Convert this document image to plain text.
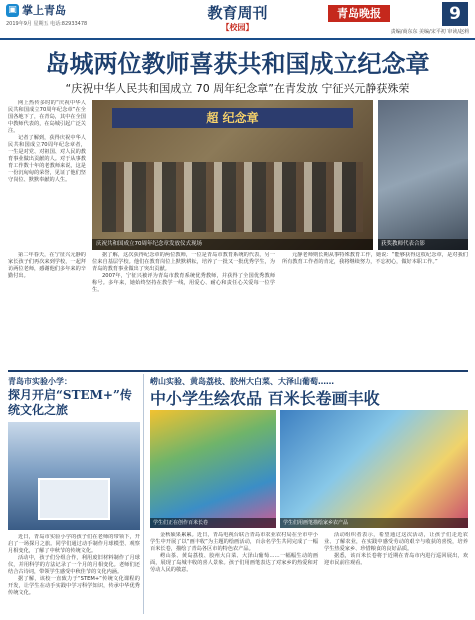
▣ 掌上青岛
2019年9月 星期五 电话:82933478
教育周刊
【校园】
青岛晚报	9
责编/商东东 美编/宋平初 审读/赵莉
岛城两位教师喜获共和国成立纪念章
“庆祝中华人民共和国成立 70 周年纪念章”在青发放 宁征兴元静获殊荣

网上热传多时的“庆祝中华人民共和国成立70周年纪念章”在全国各地下了，在青岛，其中在全国中教师代表的，在岛城引起广泛关注。

记者了解到，获得庆祝中华人民共和国成立70周年纪念章者，一生是对党、对祖国、对人民的教育事业做出贡献的人。对于从事教育工作数十年的老教师来说，这是一份沉甸甸的荣誉，见证了他们坚守岗位、默默奉献的人生。

超 纪念章
庆祝共和国成立70周年纪念章发放仪式现场	获奖教师代表合影

第二年春天，在宁征兴元静的家长孩子们再次来到学校，一起拜访两位老师，感谢他们多年来的辛勤付出。

据了解，这次获得纪念章的两位教师，一位是青岛市教育系统的代表，另一位来自基层学校。他们在教育岗位上默默耕耘，培养了一批又一批优秀学生，为青岛的教育事业做出了突出贡献。

2007年，宁征兴被评为青岛市教育系统优秀教师，并获得了全国优秀教师称号。多年来，她始终坚持在教学一线，用爱心、耐心和责任心关爱每一位学生。

元静老师则长期从事特殊教育工作，她说：“能够获得这枚纪念章，是对我们所有教育工作者的肯定，我将继续努力，不忘初心，做好本职工作。”

青岛市实验小学：
探月开启“STEM+”传统文化之旅

近日，青岛市实验小学的孩子们在老师的带领下，开启了一场探月之旅。同学们通过动手制作月球模型、观察月相变化，了解了中秋节的传统文化。

活动中，孩子们分组合作，利用废旧材料制作了月球仪，并用科学的方法记录了一个月的月相变化。老师们还结合古诗词，带领学生感受中秋佳节的文化内涵。

据了解，该校一直致力于“STEM+”传统文化课程的开发，让学生在动手实践中学习科学知识，传承中华优秀传统文化。

崂山实验、黄岛荔枝、胶州大白菜、大泽山葡萄……
中小学生绘农品 百米长卷画丰收
学生们正在创作百米长卷	学生们用画笔描绘家乡农产品

金秋硕果累累。近日，青岛电视台联合青岛市农业农村局在全市中小学生中开展了以“画丰收”为主题的绘画活动，百余名学生共同完成了一幅百米长卷，描绘了青岛各区市的特色农产品。

崂山茶、黄岛荔枝、胶州大白菜、大泽山葡萄……一幅幅生动的画面，展现了岛城丰收的喜人景象。孩子们用画笔表达了对家乡的热爱和对劳动人民的敬意。

活动组织者表示，希望通过这次活动，让孩子们走近农业、了解农业，在实践中感受劳动的艰辛与收获的喜悦，培养学生热爱家乡、珍惜粮食的良好品质。

据悉，该百米长卷将于近期在青岛市内进行巡回展出，欢迎市民前往观看。
